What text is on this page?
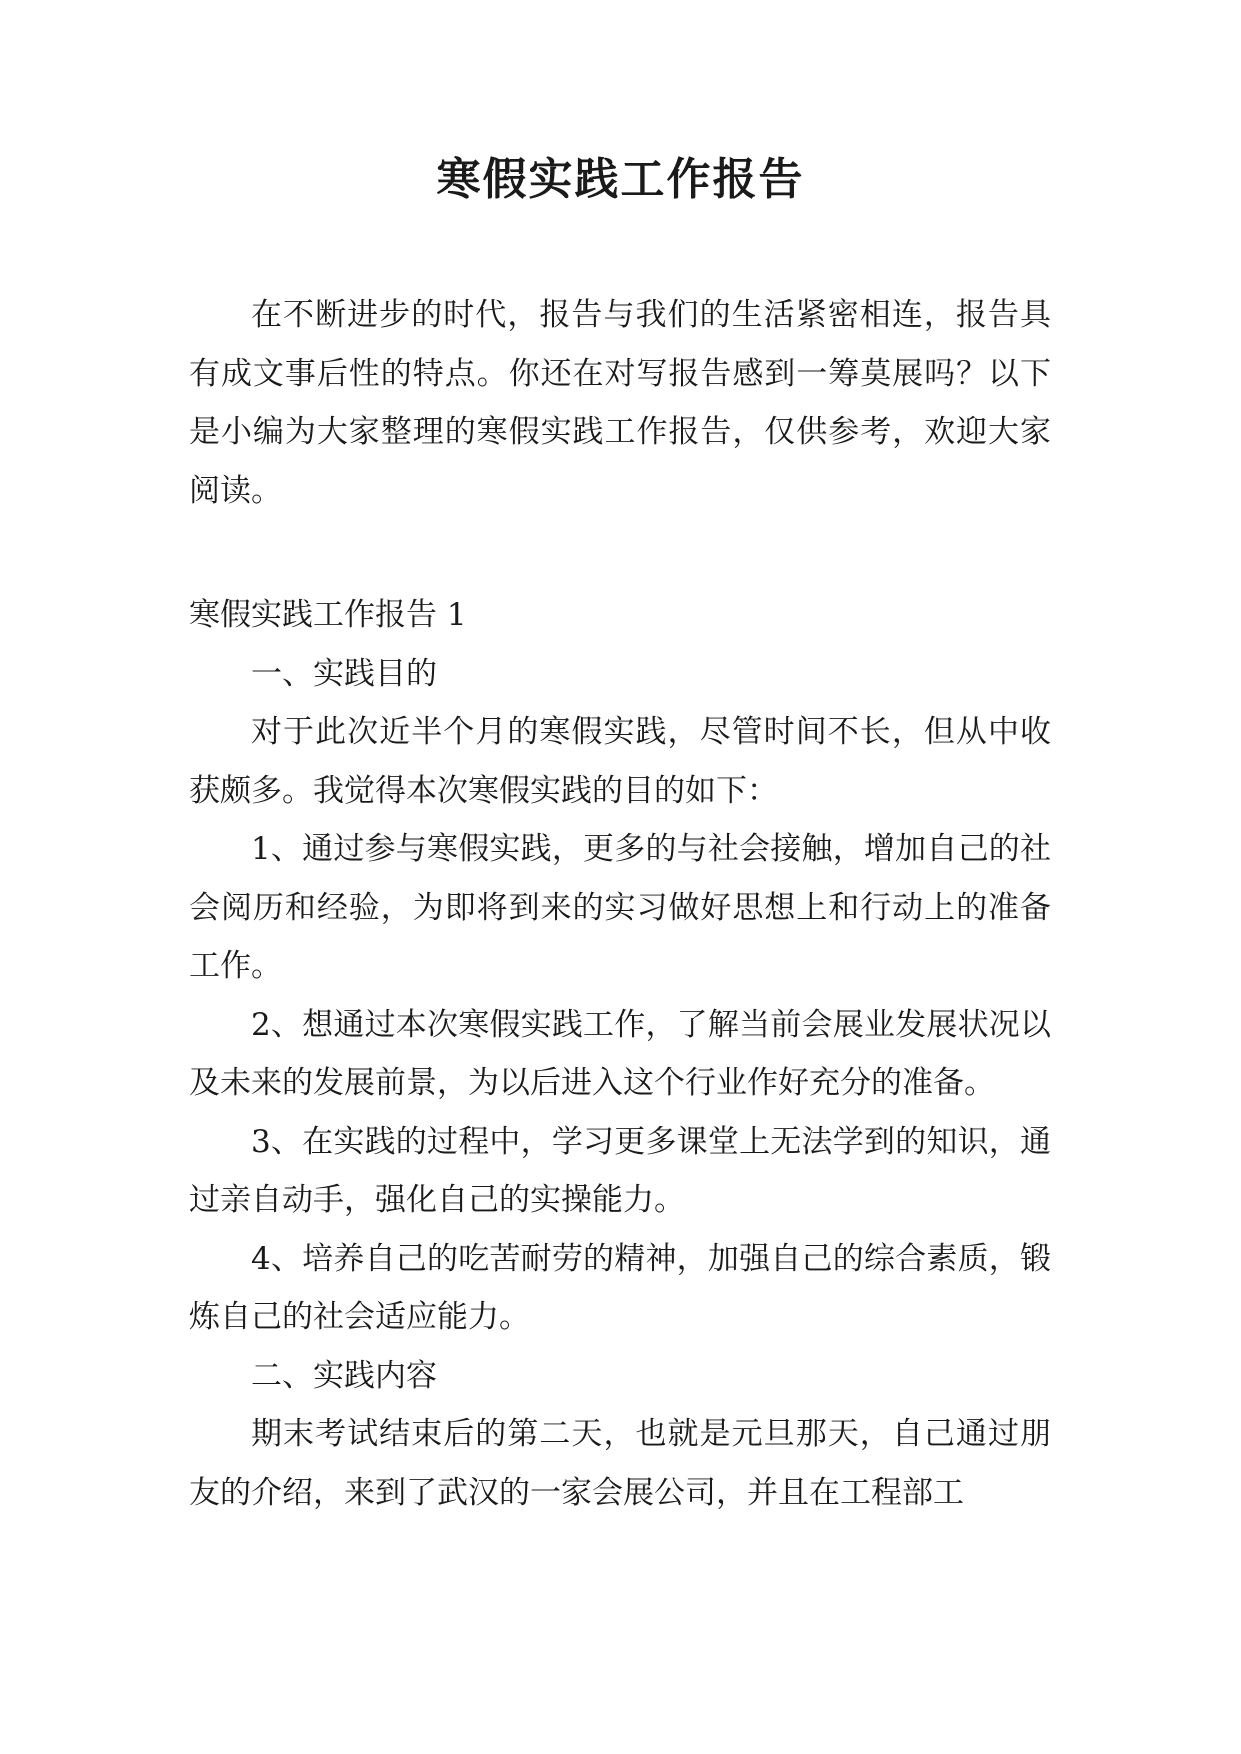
寒假实践工作报告

在不断进步的时代，报告与我们的生活紧密相连，报告具有成文事后性的特点。你还在对写报告感到一筹莫展吗？以下是小编为大家整理的寒假实践工作报告，仅供参考，欢迎大家阅读。

寒假实践工作报告 1

一、实践目的

对于此次近半个月的寒假实践，尽管时间不长，但从中收获颇多。我觉得本次寒假实践的目的如下：

1、通过参与寒假实践，更多的与社会接触，增加自己的社会阅历和经验，为即将到来的实习做好思想上和行动上的准备工作。

2、想通过本次寒假实践工作，了解当前会展业发展状况以及未来的发展前景，为以后进入这个行业作好充分的准备。

3、在实践的过程中，学习更多课堂上无法学到的知识，通过亲自动手，强化自己的实操能力。

4、培养自己的吃苦耐劳的精神，加强自己的综合素质，锻炼自己的社会适应能力。

二、实践内容

期末考试结束后的第二天，也就是元旦那天，自己通过朋友的介绍，来到了武汉的一家会展公司，并且在工程部工
